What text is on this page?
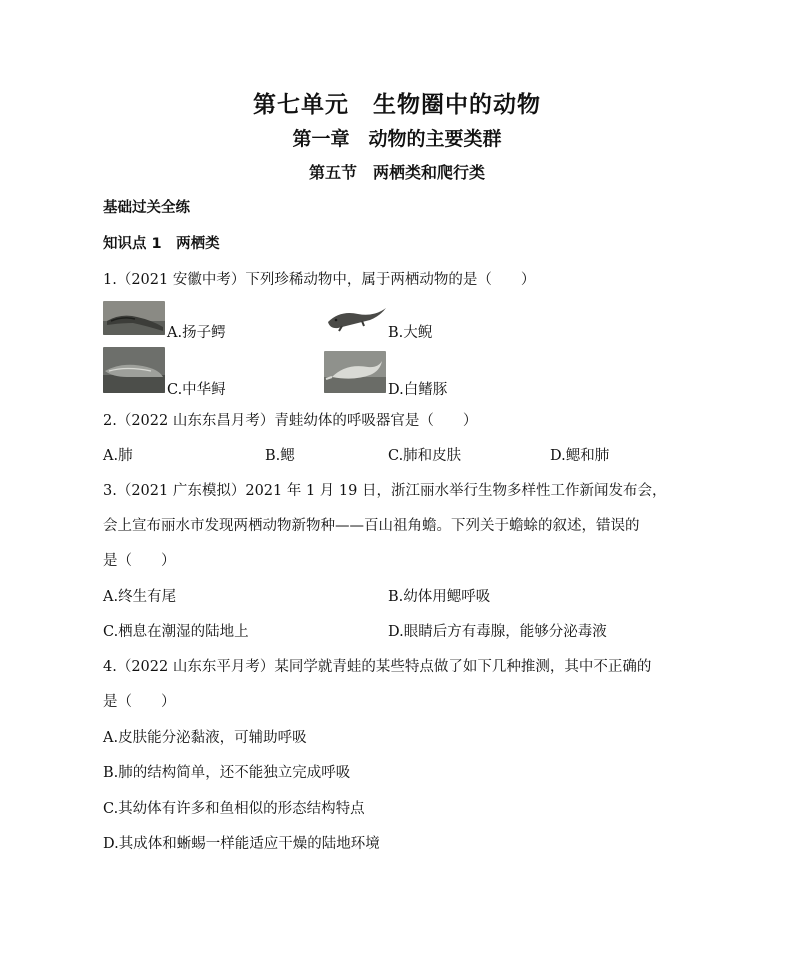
第七单元　生物圈中的动物
第一章　动物的主要类群
第五节　两栖类和爬行类
基础过关全练
知识点 1　两栖类
1.（2021 安徽中考）下列珍稀动物中，属于两栖动物的是（　　）
A.扬子鳄	B.大鲵
C.中华鲟	D.白鳍豚
2.（2022 山东东昌月考）青蛙幼体的呼吸器官是（　　）
A.肺	B.鳃	C.肺和皮肤	D.鳃和肺
3.（2021 广东模拟）2021 年 1 月 19 日，浙江丽水举行生物多样性工作新闻发布会，
会上宣布丽水市发现两栖动物新物种——百山祖角蟾。下列关于蟾蜍的叙述，错误的
是（　　）
A.终生有尾	B.幼体用鳃呼吸
C.栖息在潮湿的陆地上	D.眼睛后方有毒腺，能够分泌毒液
4.（2022 山东东平月考）某同学就青蛙的某些特点做了如下几种推测，其中不正确的
是（　　）
A.皮肤能分泌黏液，可辅助呼吸
B.肺的结构简单，还不能独立完成呼吸
C.其幼体有许多和鱼相似的形态结构特点
D.其成体和蜥蜴一样能适应干燥的陆地环境
